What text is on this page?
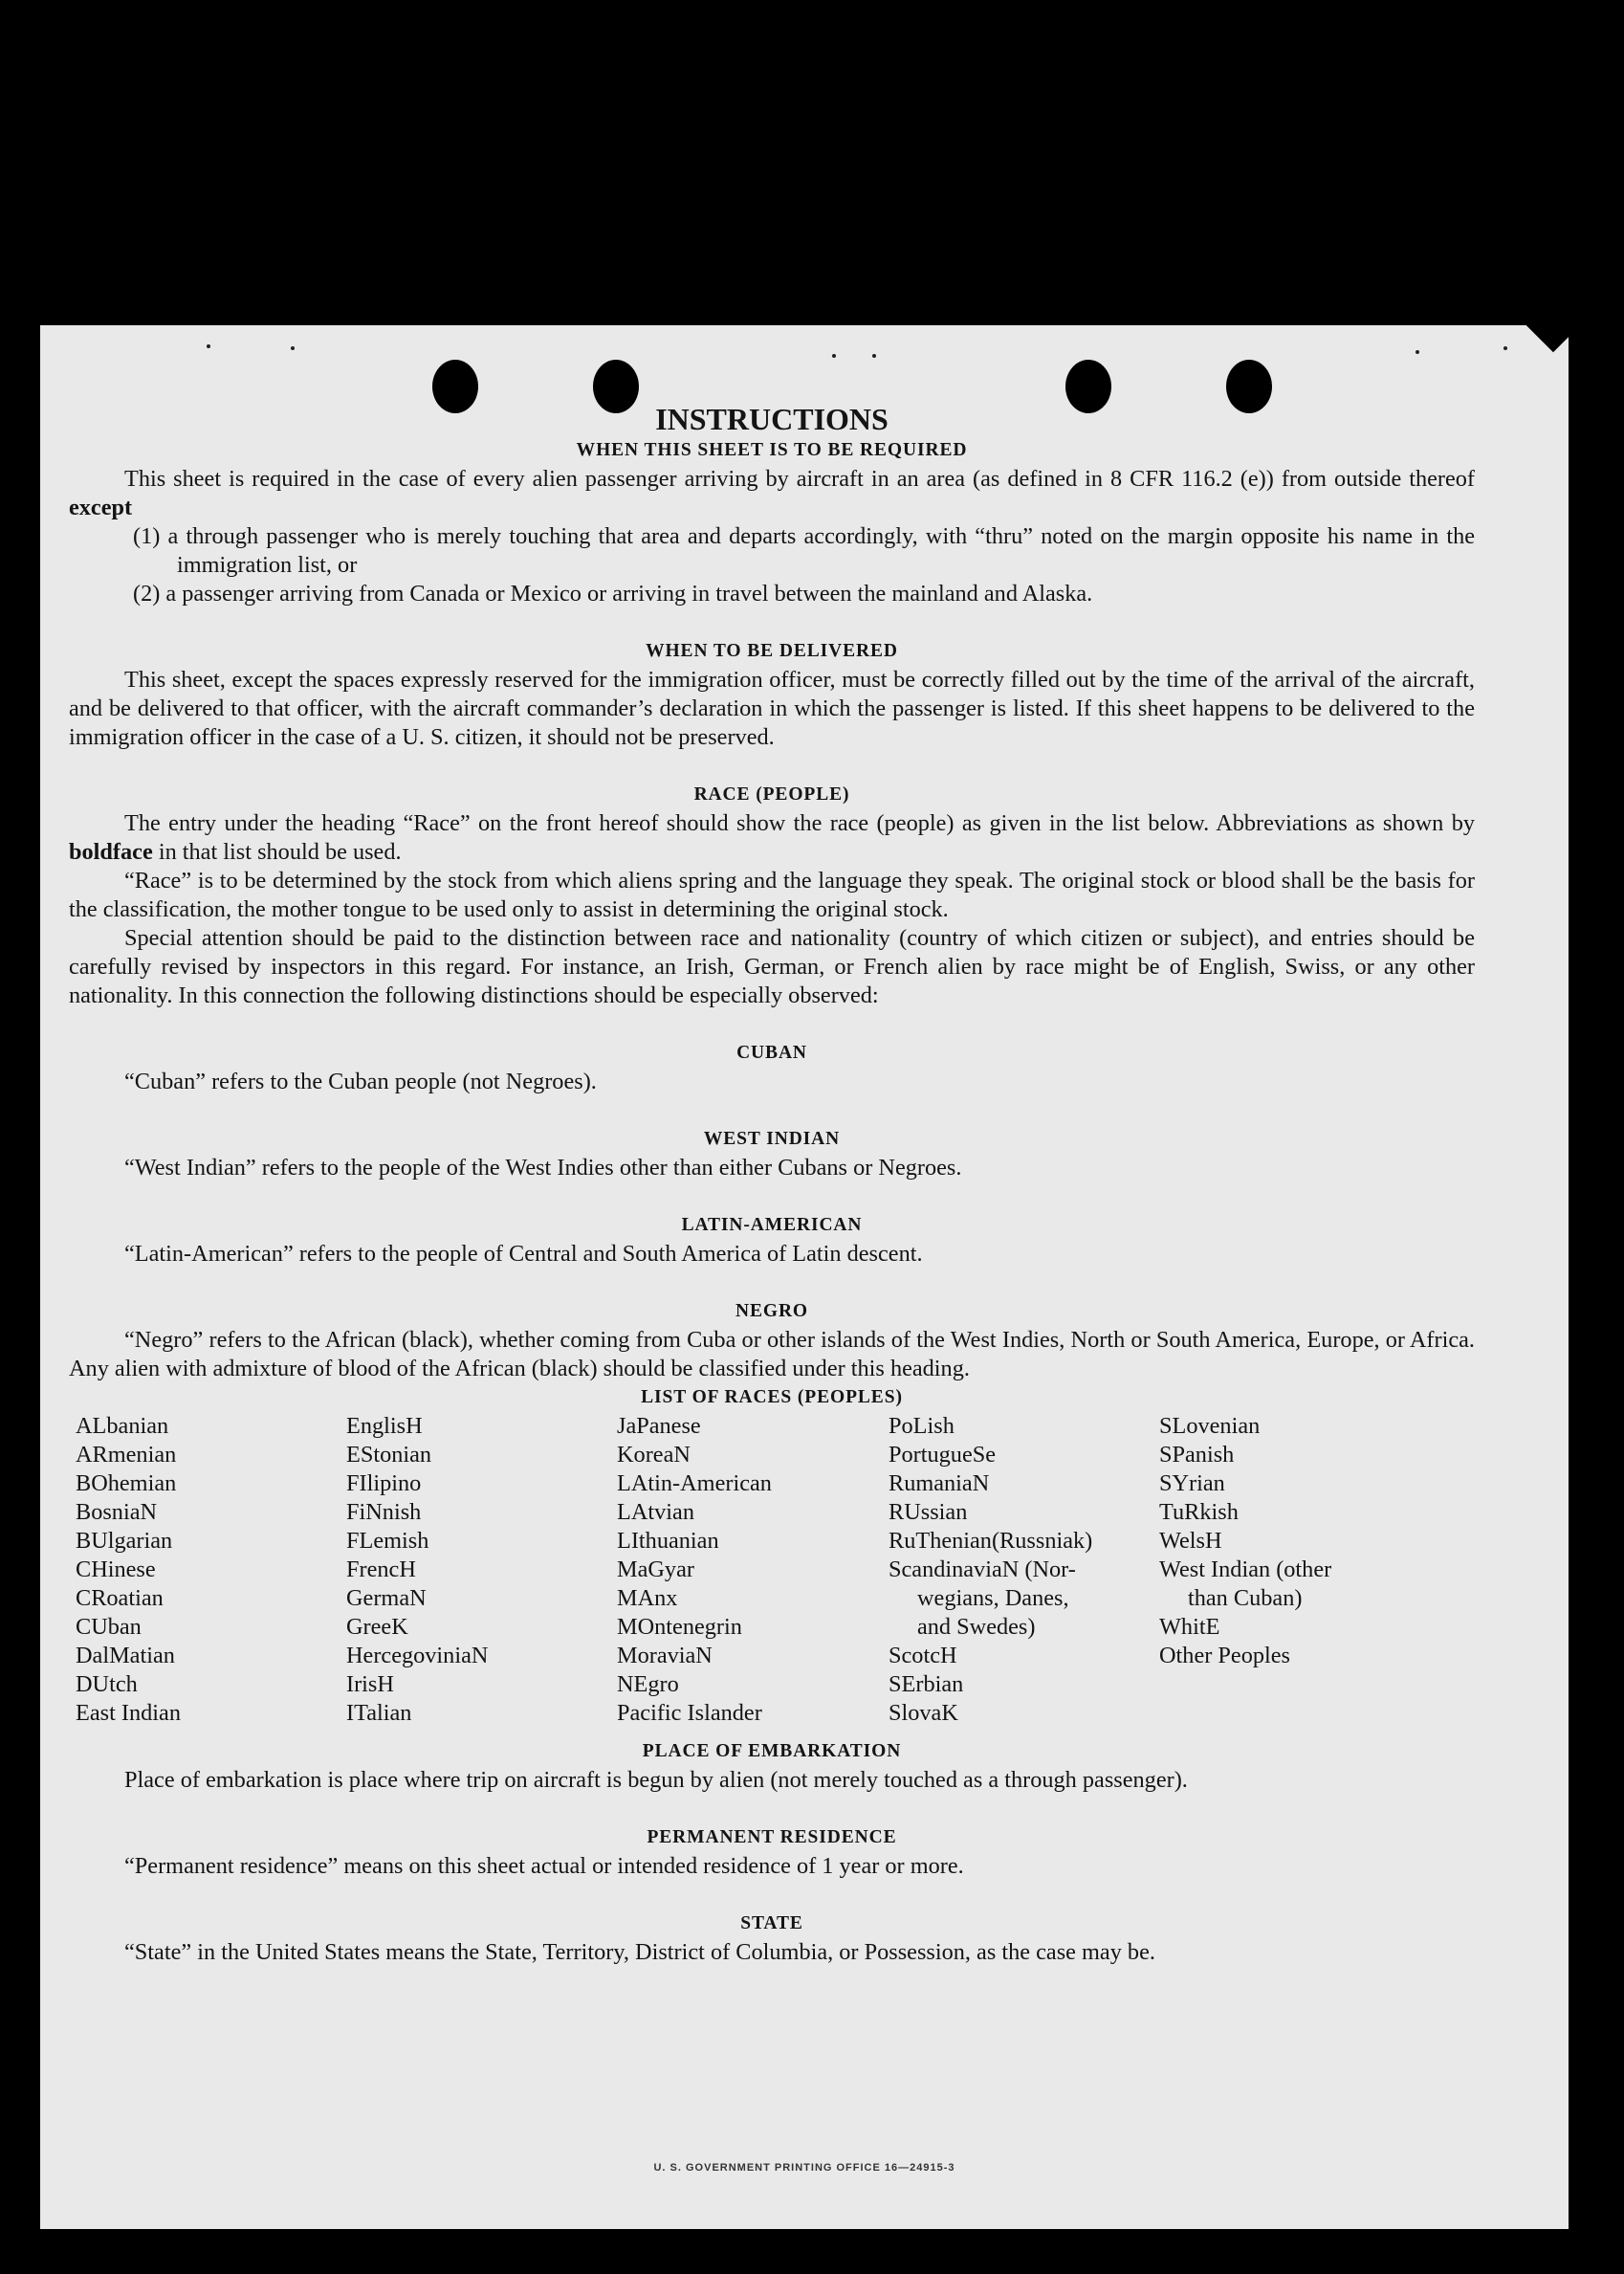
INSTRUCTIONS
WHEN THIS SHEET IS TO BE REQUIRED

This sheet is required in the case of every alien passenger arriving by aircraft in an area (as defined in 8 CFR 116.2 (e)) from outside thereof except

(1) a through passenger who is merely touching that area and departs accordingly, with “thru” noted on the margin opposite his name in the immigration list, or

(2) a passenger arriving from Canada or Mexico or arriving in travel between the mainland and Alaska.

WHEN TO BE DELIVERED

This sheet, except the spaces expressly reserved for the immigration officer, must be correctly filled out by the time of the arrival of the aircraft, and be delivered to that officer, with the aircraft commander’s declaration in which the passenger is listed. If this sheet happens to be delivered to the immigration officer in the case of a U. S. citizen, it should not be preserved.

RACE (PEOPLE)

The entry under the heading “Race” on the front hereof should show the race (people) as given in the list below. Abbreviations as shown by boldface in that list should be used.

“Race” is to be determined by the stock from which aliens spring and the language they speak. The original stock or blood shall be the basis for the classification, the mother tongue to be used only to assist in determining the original stock.

Special attention should be paid to the distinction between race and nationality (country of which citizen or subject), and entries should be carefully revised by inspectors in this regard. For instance, an Irish, German, or French alien by race might be of English, Swiss, or any other nationality. In this connection the following distinctions should be especially observed:

CUBAN

“Cuban” refers to the Cuban people (not Negroes).

WEST INDIAN

“West Indian” refers to the people of the West Indies other than either Cubans or Negroes.

LATIN-AMERICAN

“Latin-American” refers to the people of Central and South America of Latin descent.

NEGRO

“Negro” refers to the African (black), whether coming from Cuba or other islands of the West Indies, North or South America, Europe, or Africa. Any alien with admixture of blood of the African (black) should be classified under this heading.

LIST OF RACES (PEOPLES)
ALbanian
ARmenian
BOhemian
BosniaN
BUlgarian
CHinese
CRoatian
CUban
DalMatian
DUtch
East Indian
EnglisH
EStonian
FIlipino
FiNnish
FLemish
FrencH
GermaN
GreeK
HercegoviniaN
IrisH
ITalian
JaPanese
KoreaN
LAtin-American
LAtvian
LIthuanian
MaGyar
MAnx
MOntenegrin
MoraviaN
NEgro
Pacific Islander
PoLish
PortugueSe
RumaniaN
RUssian
RuThenian(Russniak)
ScandinaviaN (Nor-
wegians, Danes,
and Swedes)
ScotcH
SErbian
SlovaK
SLovenian
SPanish
SYrian
TuRkish
WelsH
West Indian (other
than Cuban)
WhitE
Other Peoples
PLACE OF EMBARKATION

Place of embarkation is place where trip on aircraft is begun by alien (not merely touched as a through passenger).

PERMANENT RESIDENCE

“Permanent residence” means on this sheet actual or intended residence of 1 year or more.

STATE

“State” in the United States means the State, Territory, District of Columbia, or Possession, as the case may be.

U. S. GOVERNMENT PRINTING OFFICE 16—24915-3
